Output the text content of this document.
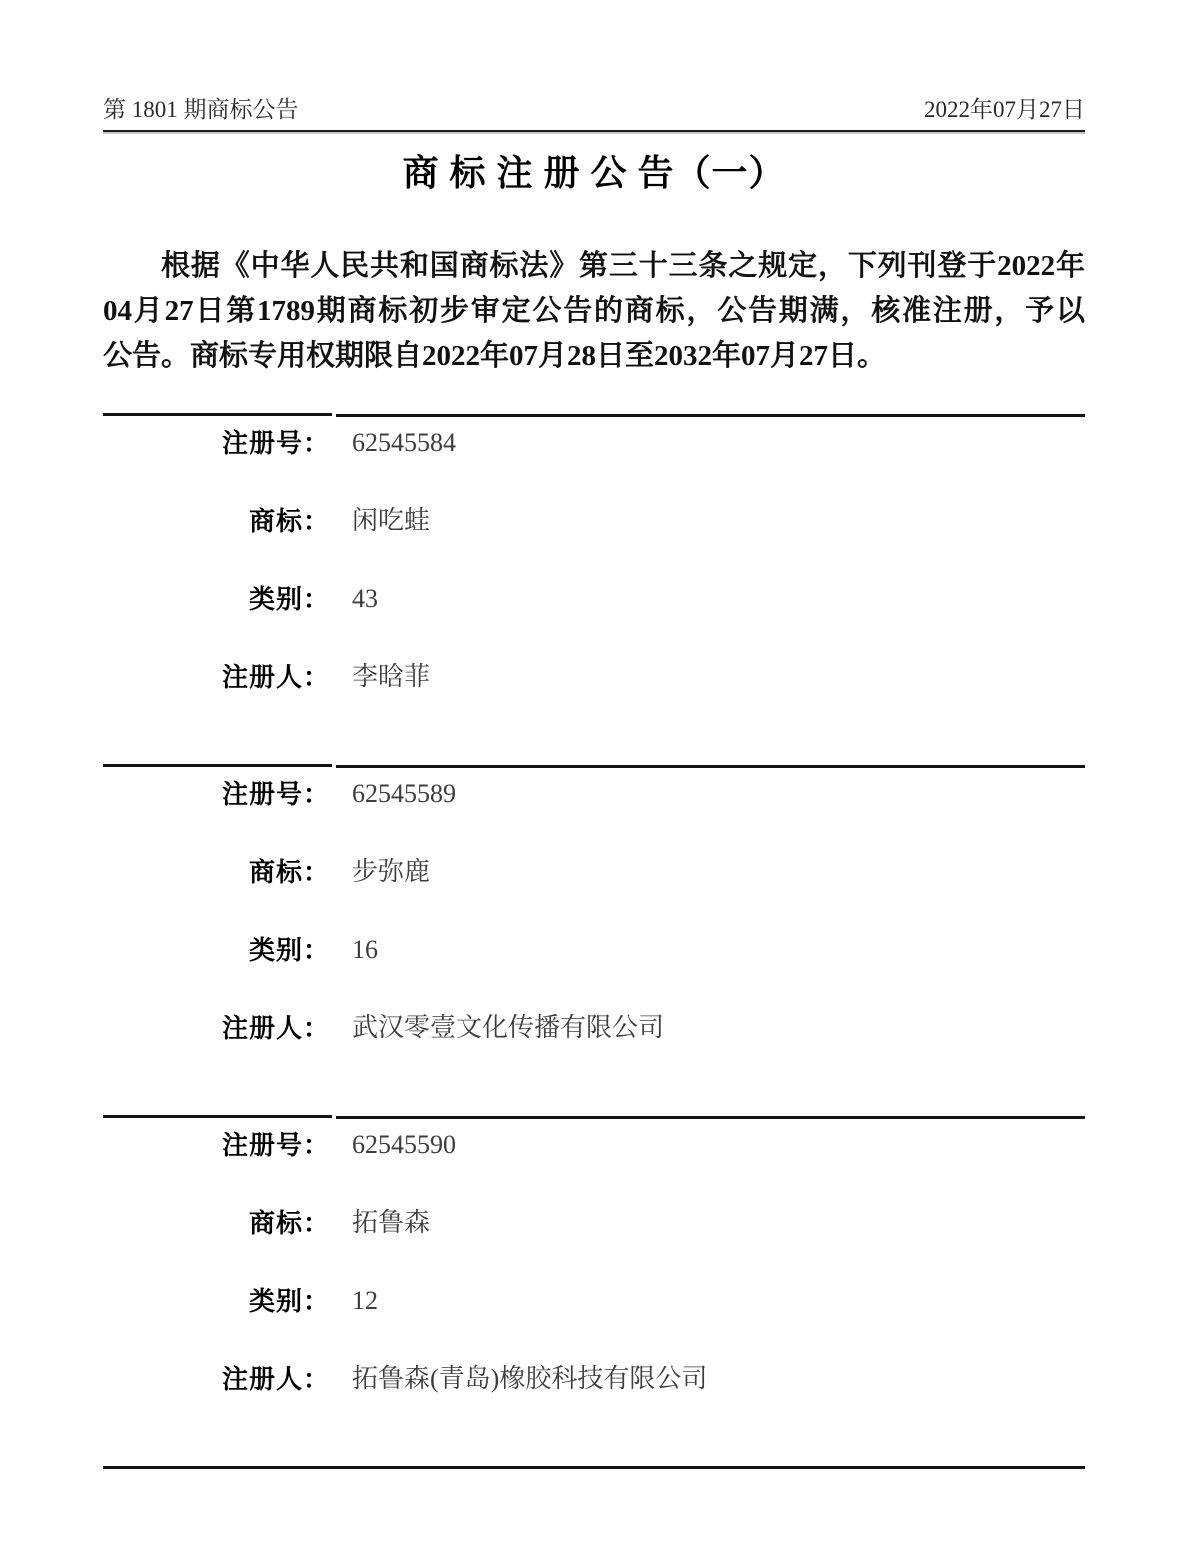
第 1801 期商标公告	2022年07月27日
商 标 注 册 公 告（一）
根据《中华人民共和国商标法》第三十三条之规定，下列刊登于2022年
04月27日第1789期商标初步审定公告的商标，公告期满，核准注册，予以
公告。商标专用权期限自2022年07月28日至2032年07月27日。
注册号： 62545584
商标： 闲吃蛙
类别： 43
注册人： 李晗菲
注册号： 62545589
商标： 步弥鹿
类别： 16
注册人： 武汉零壹文化传播有限公司
注册号： 62545590
商标： 拓鲁森
类别： 12
注册人： 拓鲁森(青岛)橡胶科技有限公司
